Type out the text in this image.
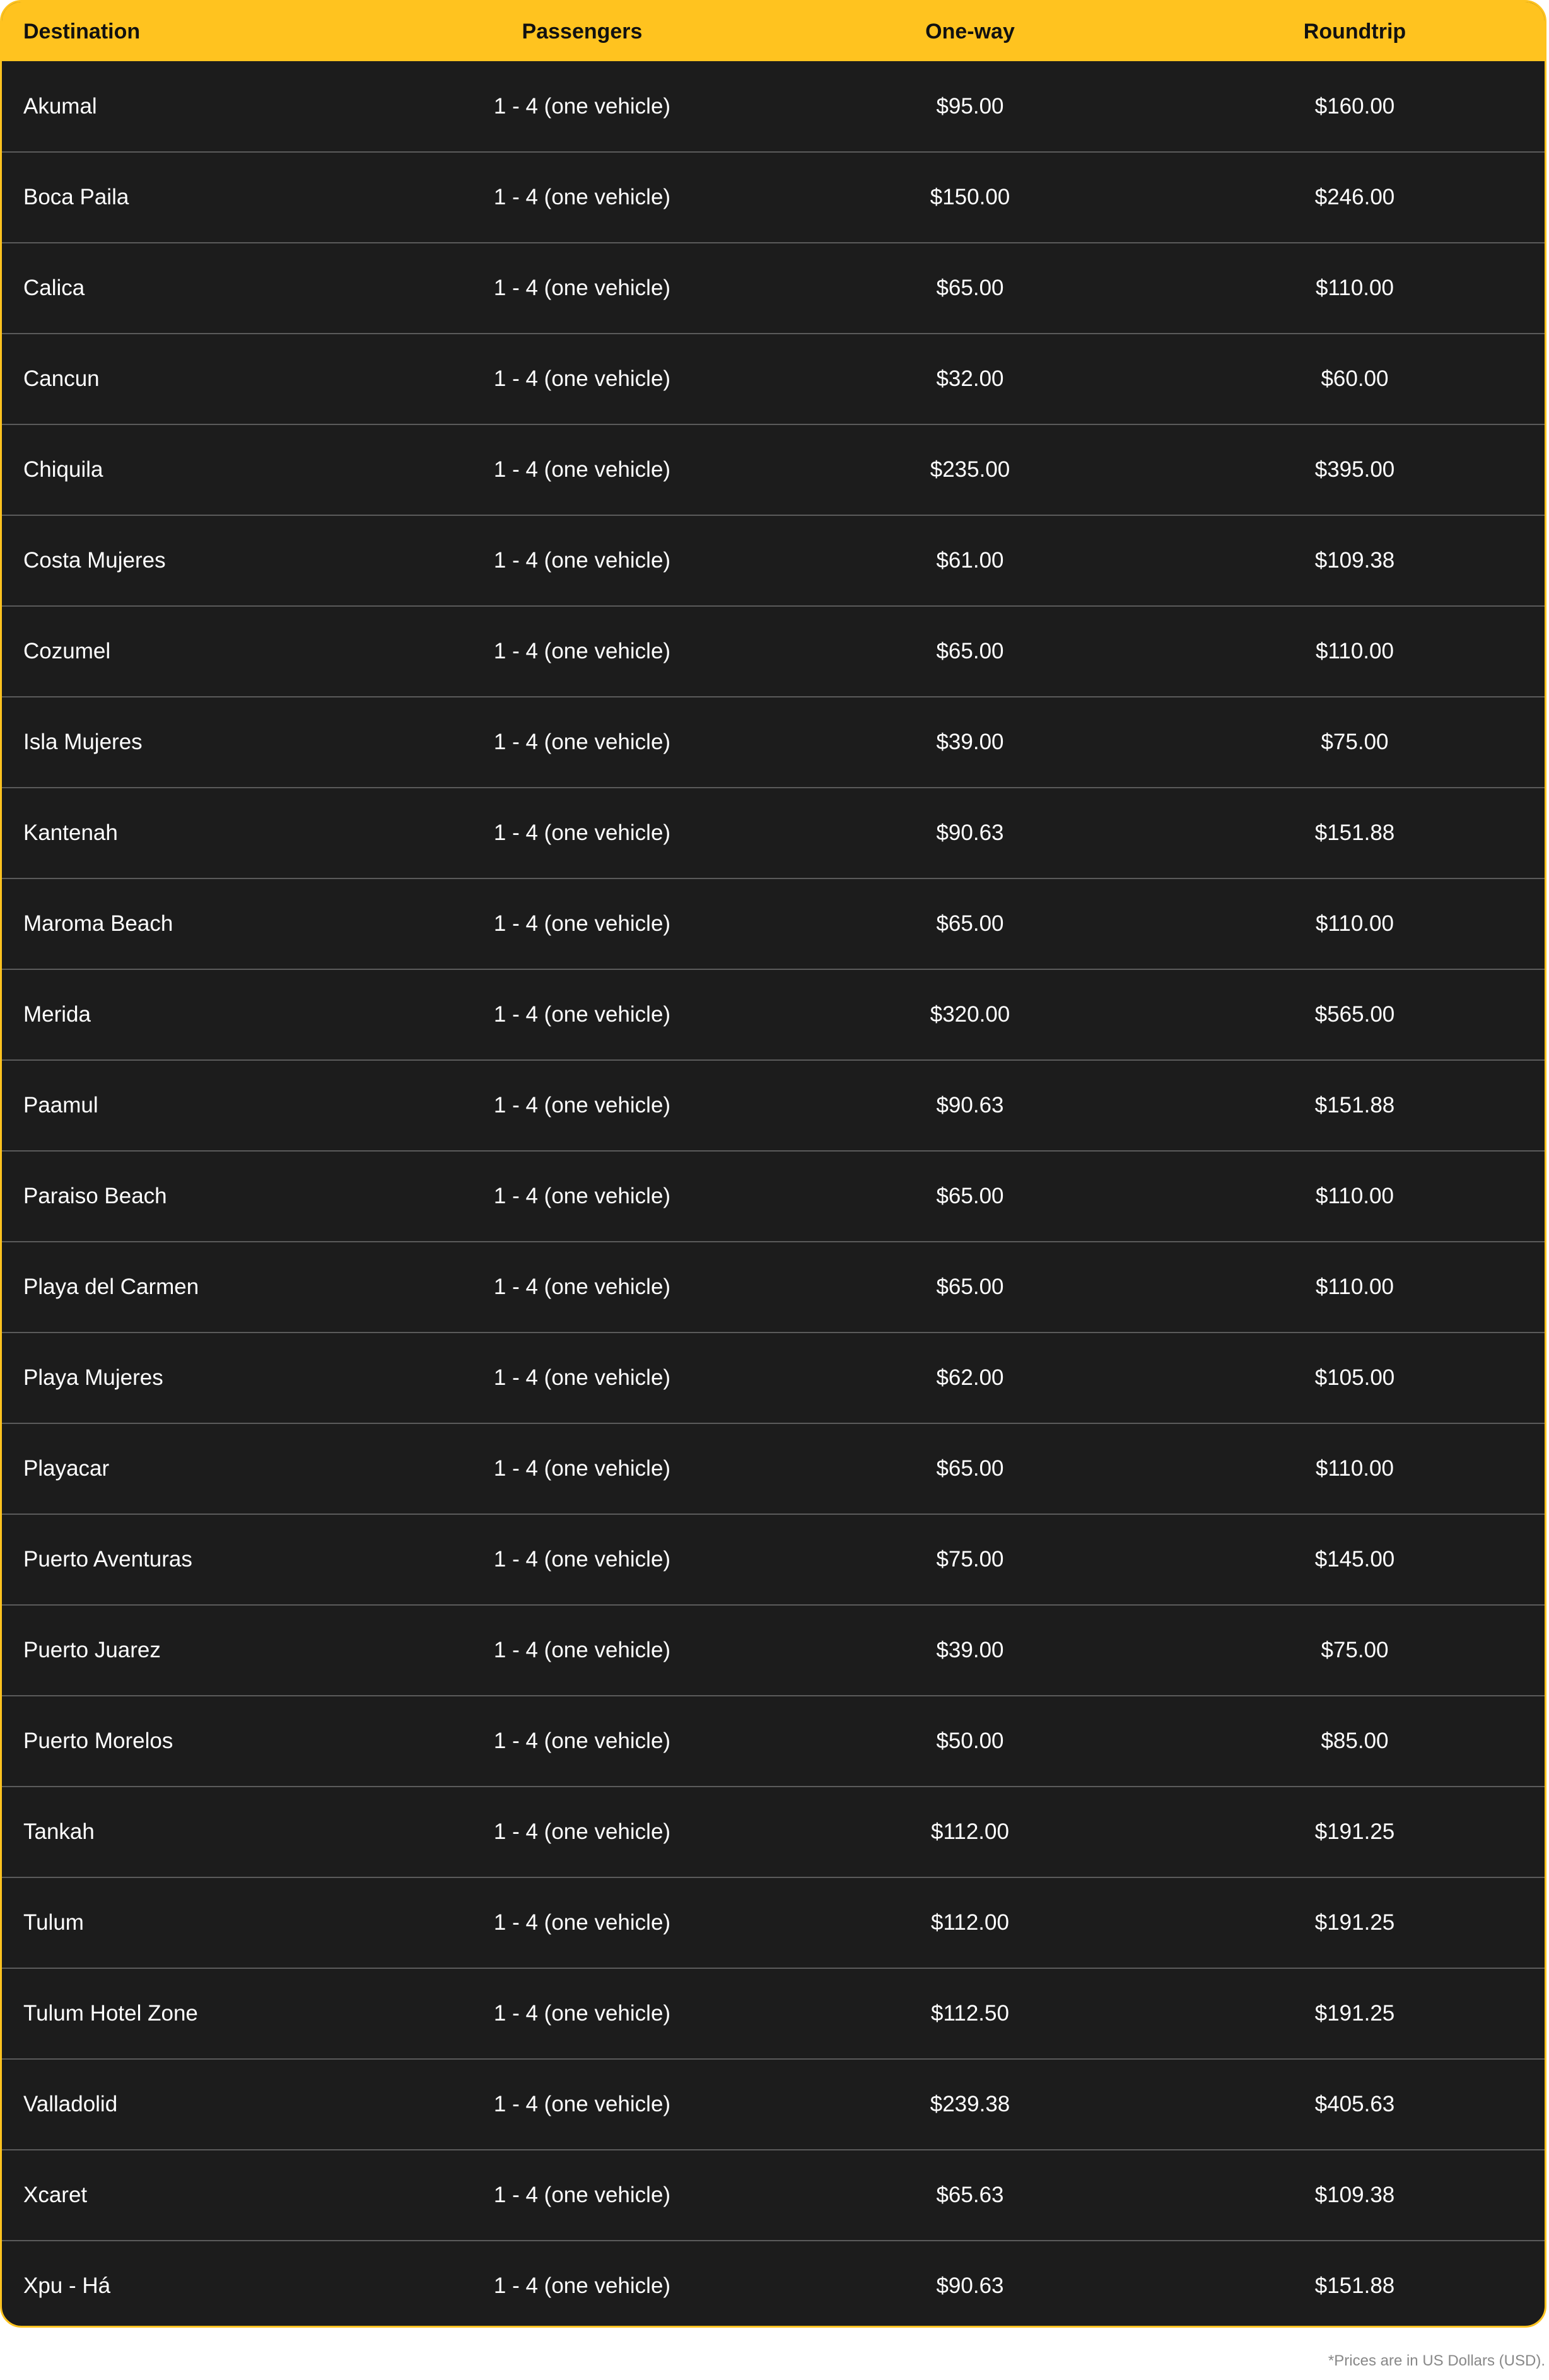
Destination	Passengers	One-way	Roundtrip
Akumal	1 - 4 (one vehicle)	$95.00	$160.00
Boca Paila	1 - 4 (one vehicle)	$150.00	$246.00
Calica	1 - 4 (one vehicle)	$65.00	$110.00
Cancun	1 - 4 (one vehicle)	$32.00	$60.00
Chiquila	1 - 4 (one vehicle)	$235.00	$395.00
Costa Mujeres	1 - 4 (one vehicle)	$61.00	$109.38
Cozumel	1 - 4 (one vehicle)	$65.00	$110.00
Isla Mujeres	1 - 4 (one vehicle)	$39.00	$75.00
Kantenah	1 - 4 (one vehicle)	$90.63	$151.88
Maroma Beach	1 - 4 (one vehicle)	$65.00	$110.00
Merida	1 - 4 (one vehicle)	$320.00	$565.00
Paamul	1 - 4 (one vehicle)	$90.63	$151.88
Paraiso Beach	1 - 4 (one vehicle)	$65.00	$110.00
Playa del Carmen	1 - 4 (one vehicle)	$65.00	$110.00
Playa Mujeres	1 - 4 (one vehicle)	$62.00	$105.00
Playacar	1 - 4 (one vehicle)	$65.00	$110.00
Puerto Aventuras	1 - 4 (one vehicle)	$75.00	$145.00
Puerto Juarez	1 - 4 (one vehicle)	$39.00	$75.00
Puerto Morelos	1 - 4 (one vehicle)	$50.00	$85.00
Tankah	1 - 4 (one vehicle)	$112.00	$191.25
Tulum	1 - 4 (one vehicle)	$112.00	$191.25
Tulum Hotel Zone	1 - 4 (one vehicle)	$112.50	$191.25
Valladolid	1 - 4 (one vehicle)	$239.38	$405.63
Xcaret	1 - 4 (one vehicle)	$65.63	$109.38
Xpu - Há	1 - 4 (one vehicle)	$90.63	$151.88
*Prices are in US Dollars (USD).
